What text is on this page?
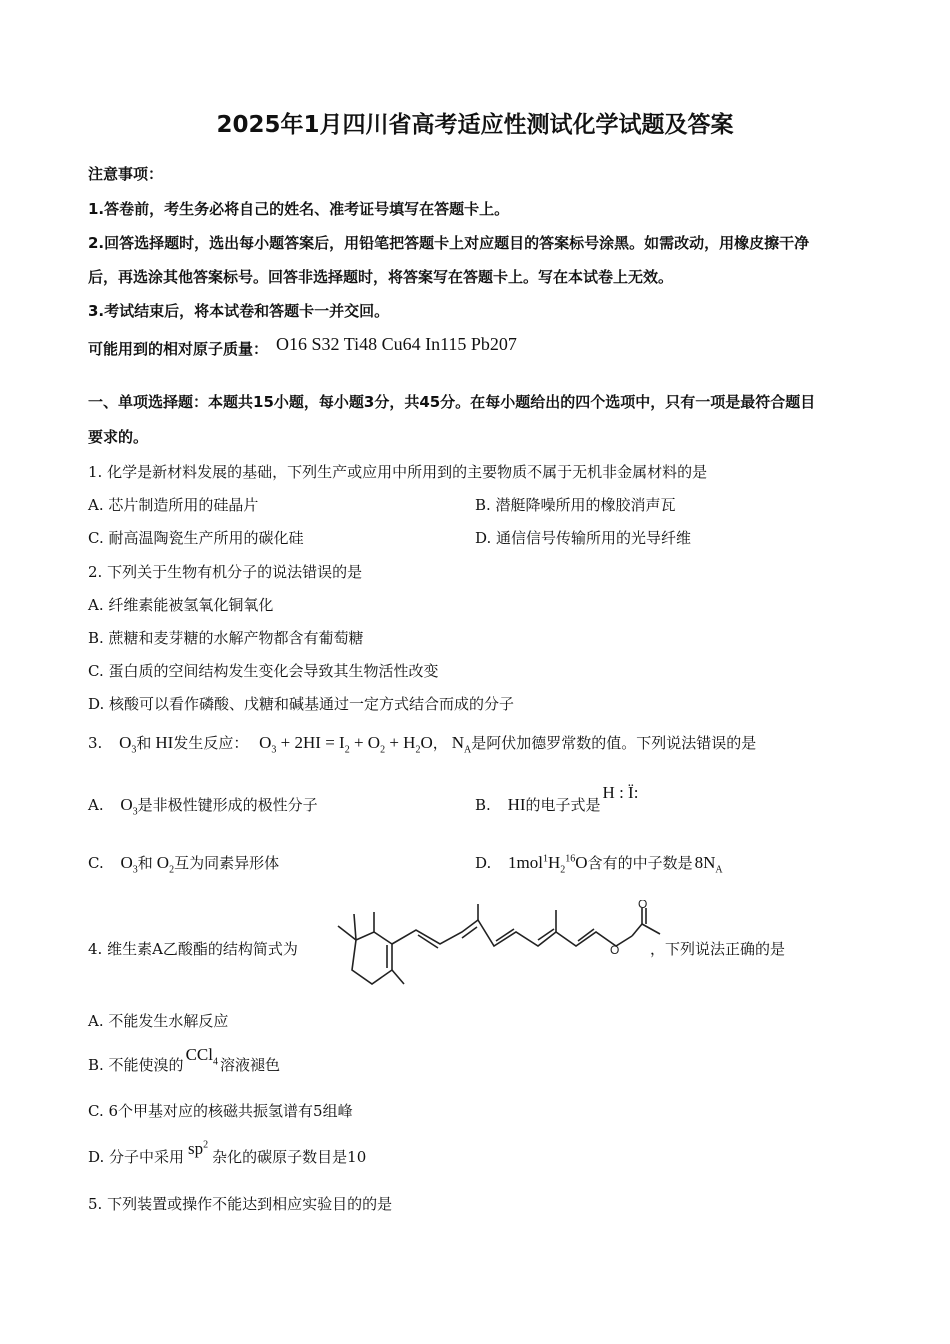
2025年1月四川省高考适应性测试化学试题及答案
注意事项：
1.答卷前，考生务必将自己的姓名、准考证号填写在答题卡上。
2.回答选择题时，选出每小题答案后，用铅笔把答题卡上对应题目的答案标号涂黑。如需改动，用橡皮擦干净
后，再选涂其他答案标号。回答非选择题时，将答案写在答题卡上。写在本试卷上无效。
3.考试结束后，将本试卷和答题卡一并交回。
可能用到的相对原子质量： O16 S32 Ti48 Cu64 In115 Pb207
一、单项选择题：本题共15小题，每小题3分，共45分。在每小题给出的四个选项中，只有一项是最符合题目
要求的。
1. 化学是新材料发展的基础，下列生产或应用中所用到的主要物质不属于无机非金属材料的是
A. 芯片制造所用的硅晶片	B. 潜艇降噪所用的橡胶消声瓦
C. 耐高温陶瓷生产所用的碳化硅	D. 通信信号传输所用的光导纤维
2. 下列关于生物有机分子的说法错误的是
A. 纤维素能被氢氧化铜氧化
B. 蔗糖和麦芽糖的水解产物都含有葡萄糖
C. 蛋白质的空间结构发生变化会导致其生物活性改变
D. 核酸可以看作磷酸、戊糖和碱基通过一定方式结合而成的分子
3. $O_3$和 HI发生反应： $O_3 + 2HI = I_2 + O_2 + H_2O$， $N_A$是阿伏加德罗常数的值。下列说法错误的是
A. $O_3$是非极性键形成的极性分子	B. HI的电子式是H : Ï:
C. $O_3$和 $O_2$互为同素异形体	D. $1mol^1H_2^{16}O$含有的中子数是 $8N_A$
4. 维生素A乙酸酯的结构简式为	O
O
，下列说法正确的是
A. 不能发生水解反应
B. 不能使溴的CCl$_4$ 溶液褪色
C. 6个甲基对应的核磁共振氢谱有5组峰
D. 分子中采用 $sp^2$杂化的碳原子数目是10
5. 下列装置或操作不能达到相应实验目的的是
